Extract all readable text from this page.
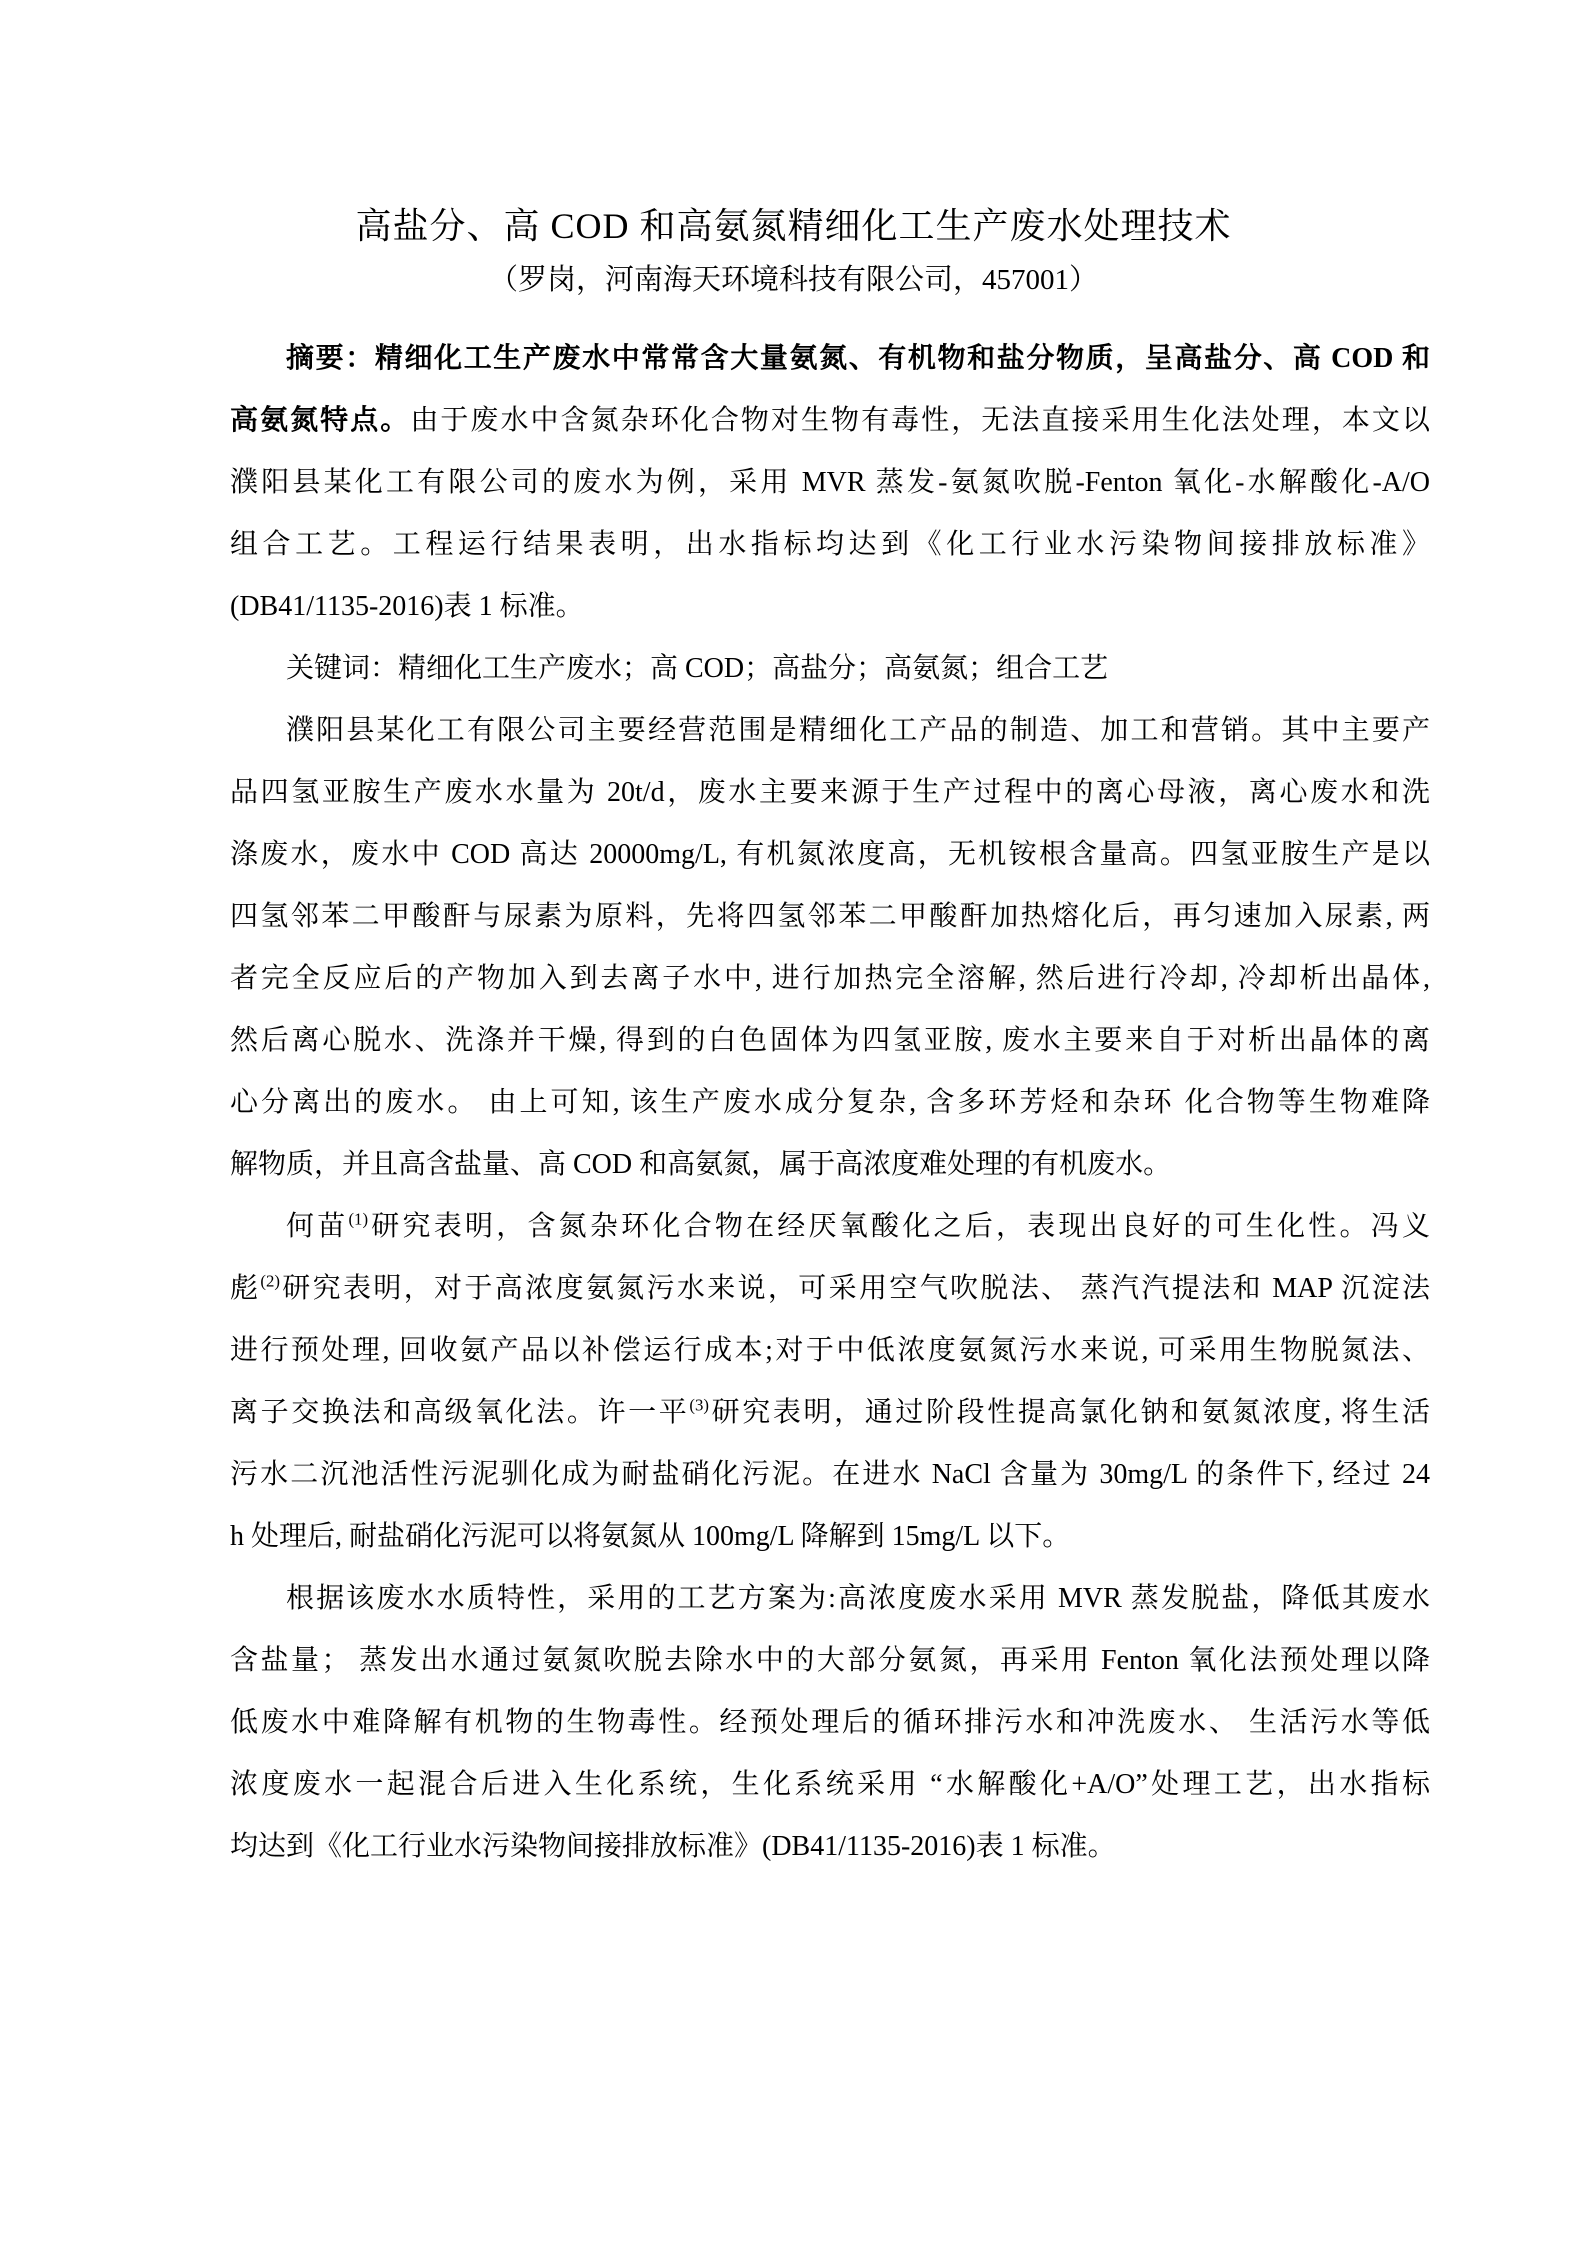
高盐分、高 COD 和高氨氮精细化工生产废水处理技术
（罗岗，河南海天环境科技有限公司，457001）
摘要：精细化工生产废水中常常含大量氨氮、有机物和盐分物质，呈高盐分、高 COD 和
高氨氮特点。由于废水中含氮杂环化合物对生物有毒性，无法直接采用生化法处理，本文以
濮阳县某化工有限公司的废水为例，采用 MVR 蒸发-氨氮吹脱-Fenton 氧化-水解酸化-A/O
组合工艺。工程运行结果表明，出水指标均达到《化工行业水污染物间接排放标准》
(DB41/1135-2016)表 1 标准。
关键词：精细化工生产废水；高 COD；高盐分；高氨氮；组合工艺
濮阳县某化工有限公司主要经营范围是精细化工产品的制造、加工和营销。其中主要产
品四氢亚胺生产废水水量为 20t/d，废水主要来源于生产过程中的离心母液，离心废水和洗
涤废水，废水中 COD 高达 20000mg/L, 有机氮浓度高，无机铵根含量高。四氢亚胺生产是以
四氢邻苯二甲酸酐与尿素为原料，先将四氢邻苯二甲酸酐加热熔化后，再匀速加入尿素, 两
者完全反应后的产物加入到去离子水中, 进行加热完全溶解, 然后进行冷却, 冷却析出晶体,
然后离心脱水、洗涤并干燥, 得到的白色固体为四氢亚胺, 废水主要来自于对析出晶体的离
心分离出的废水。 由上可知, 该生产废水成分复杂, 含多环芳烃和杂环 化合物等生物难降
解物质，并且高含盐量、高 COD 和高氨氮，属于高浓度难处理的有机废水。
何苗$^{(1)}$研究表明，含氮杂环化合物在经厌氧酸化之后，表现出良好的可生化性。冯义
彪$^{(2)}$研究表明，对于高浓度氨氮污水来说，可采用空气吹脱法、 蒸汽汽提法和 MAP 沉淀法
进行预处理, 回收氨产品以补偿运行成本;对于中低浓度氨氮污水来说, 可采用生物脱氮法、
离子交换法和高级氧化法。许一平$^{(3)}$研究表明，通过阶段性提高氯化钠和氨氮浓度, 将生活
污水二沉池活性污泥驯化成为耐盐硝化污泥。在进水 NaCl 含量为 30mg/L 的条件下, 经过 24
h 处理后, 耐盐硝化污泥可以将氨氮从 100mg/L 降解到 15mg/L 以下。
根据该废水水质特性，采用的工艺方案为:高浓度废水采用 MVR 蒸发脱盐，降低其废水
含盐量； 蒸发出水通过氨氮吹脱去除水中的大部分氨氮，再采用 Fenton 氧化法预处理以降
低废水中难降解有机物的生物毒性。经预处理后的循环排污水和冲洗废水、 生活污水等低
浓度废水一起混合后进入生化系统，生化系统采用 “水解酸化+A/O”处理工艺，出水指标
均达到《化工行业水污染物间接排放标准》(DB41/1135-2016)表 1 标准。
